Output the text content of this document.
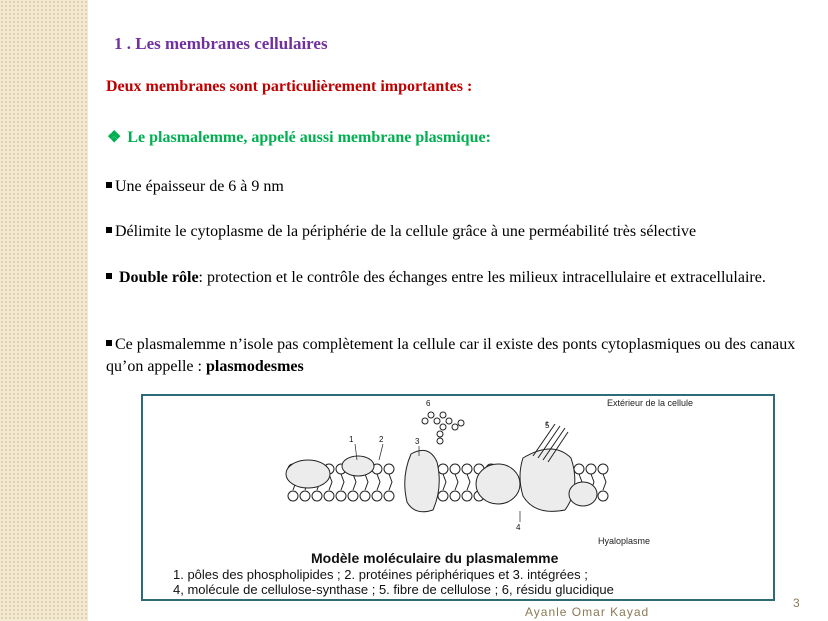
1 . Les membranes cellulaires
Deux membranes sont particulièrement importantes :
❖ Le plasmalemme, appelé aussi membrane plasmique:
Une épaisseur de 6 à 9 nm
Délimite le cytoplasme de la périphérie de la cellule grâce à une perméabilité très sélective
Double rôle: protection et le contrôle des échanges entre les milieux intracellulaire et extracellulaire.
Ce plasmalemme n’isole pas complètement la cellule car il existe des ponts cytoplasmiques ou des canaux qu’on appelle : plasmodesmes
1	2	3
4
5
6	Extérieur de la cellule
Hyaloplasme
Modèle moléculaire du plasmalemme
1. pôles des phospholipides ; 2. protéines périphériques et 3. intégrées ;
4, molécule de cellulose-synthase ; 5. fibre de cellulose ; 6, résidu glucidique
3
Ayanle Omar Kayad
